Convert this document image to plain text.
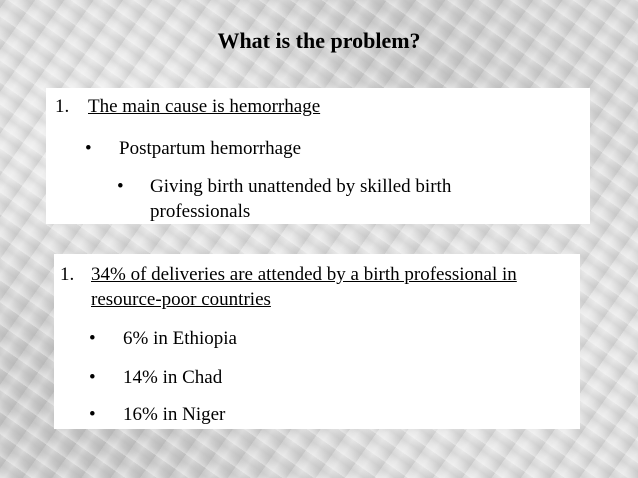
What is the problem?
1. The main cause is hemorrhage
• Postpartum hemorrhage
• Giving birth unattended by skilled birth
professionals
1. 34% of deliveries are attended by a birth professional in
resource-poor countries
• 6% in Ethiopia
• 14% in Chad
• 16% in Niger
